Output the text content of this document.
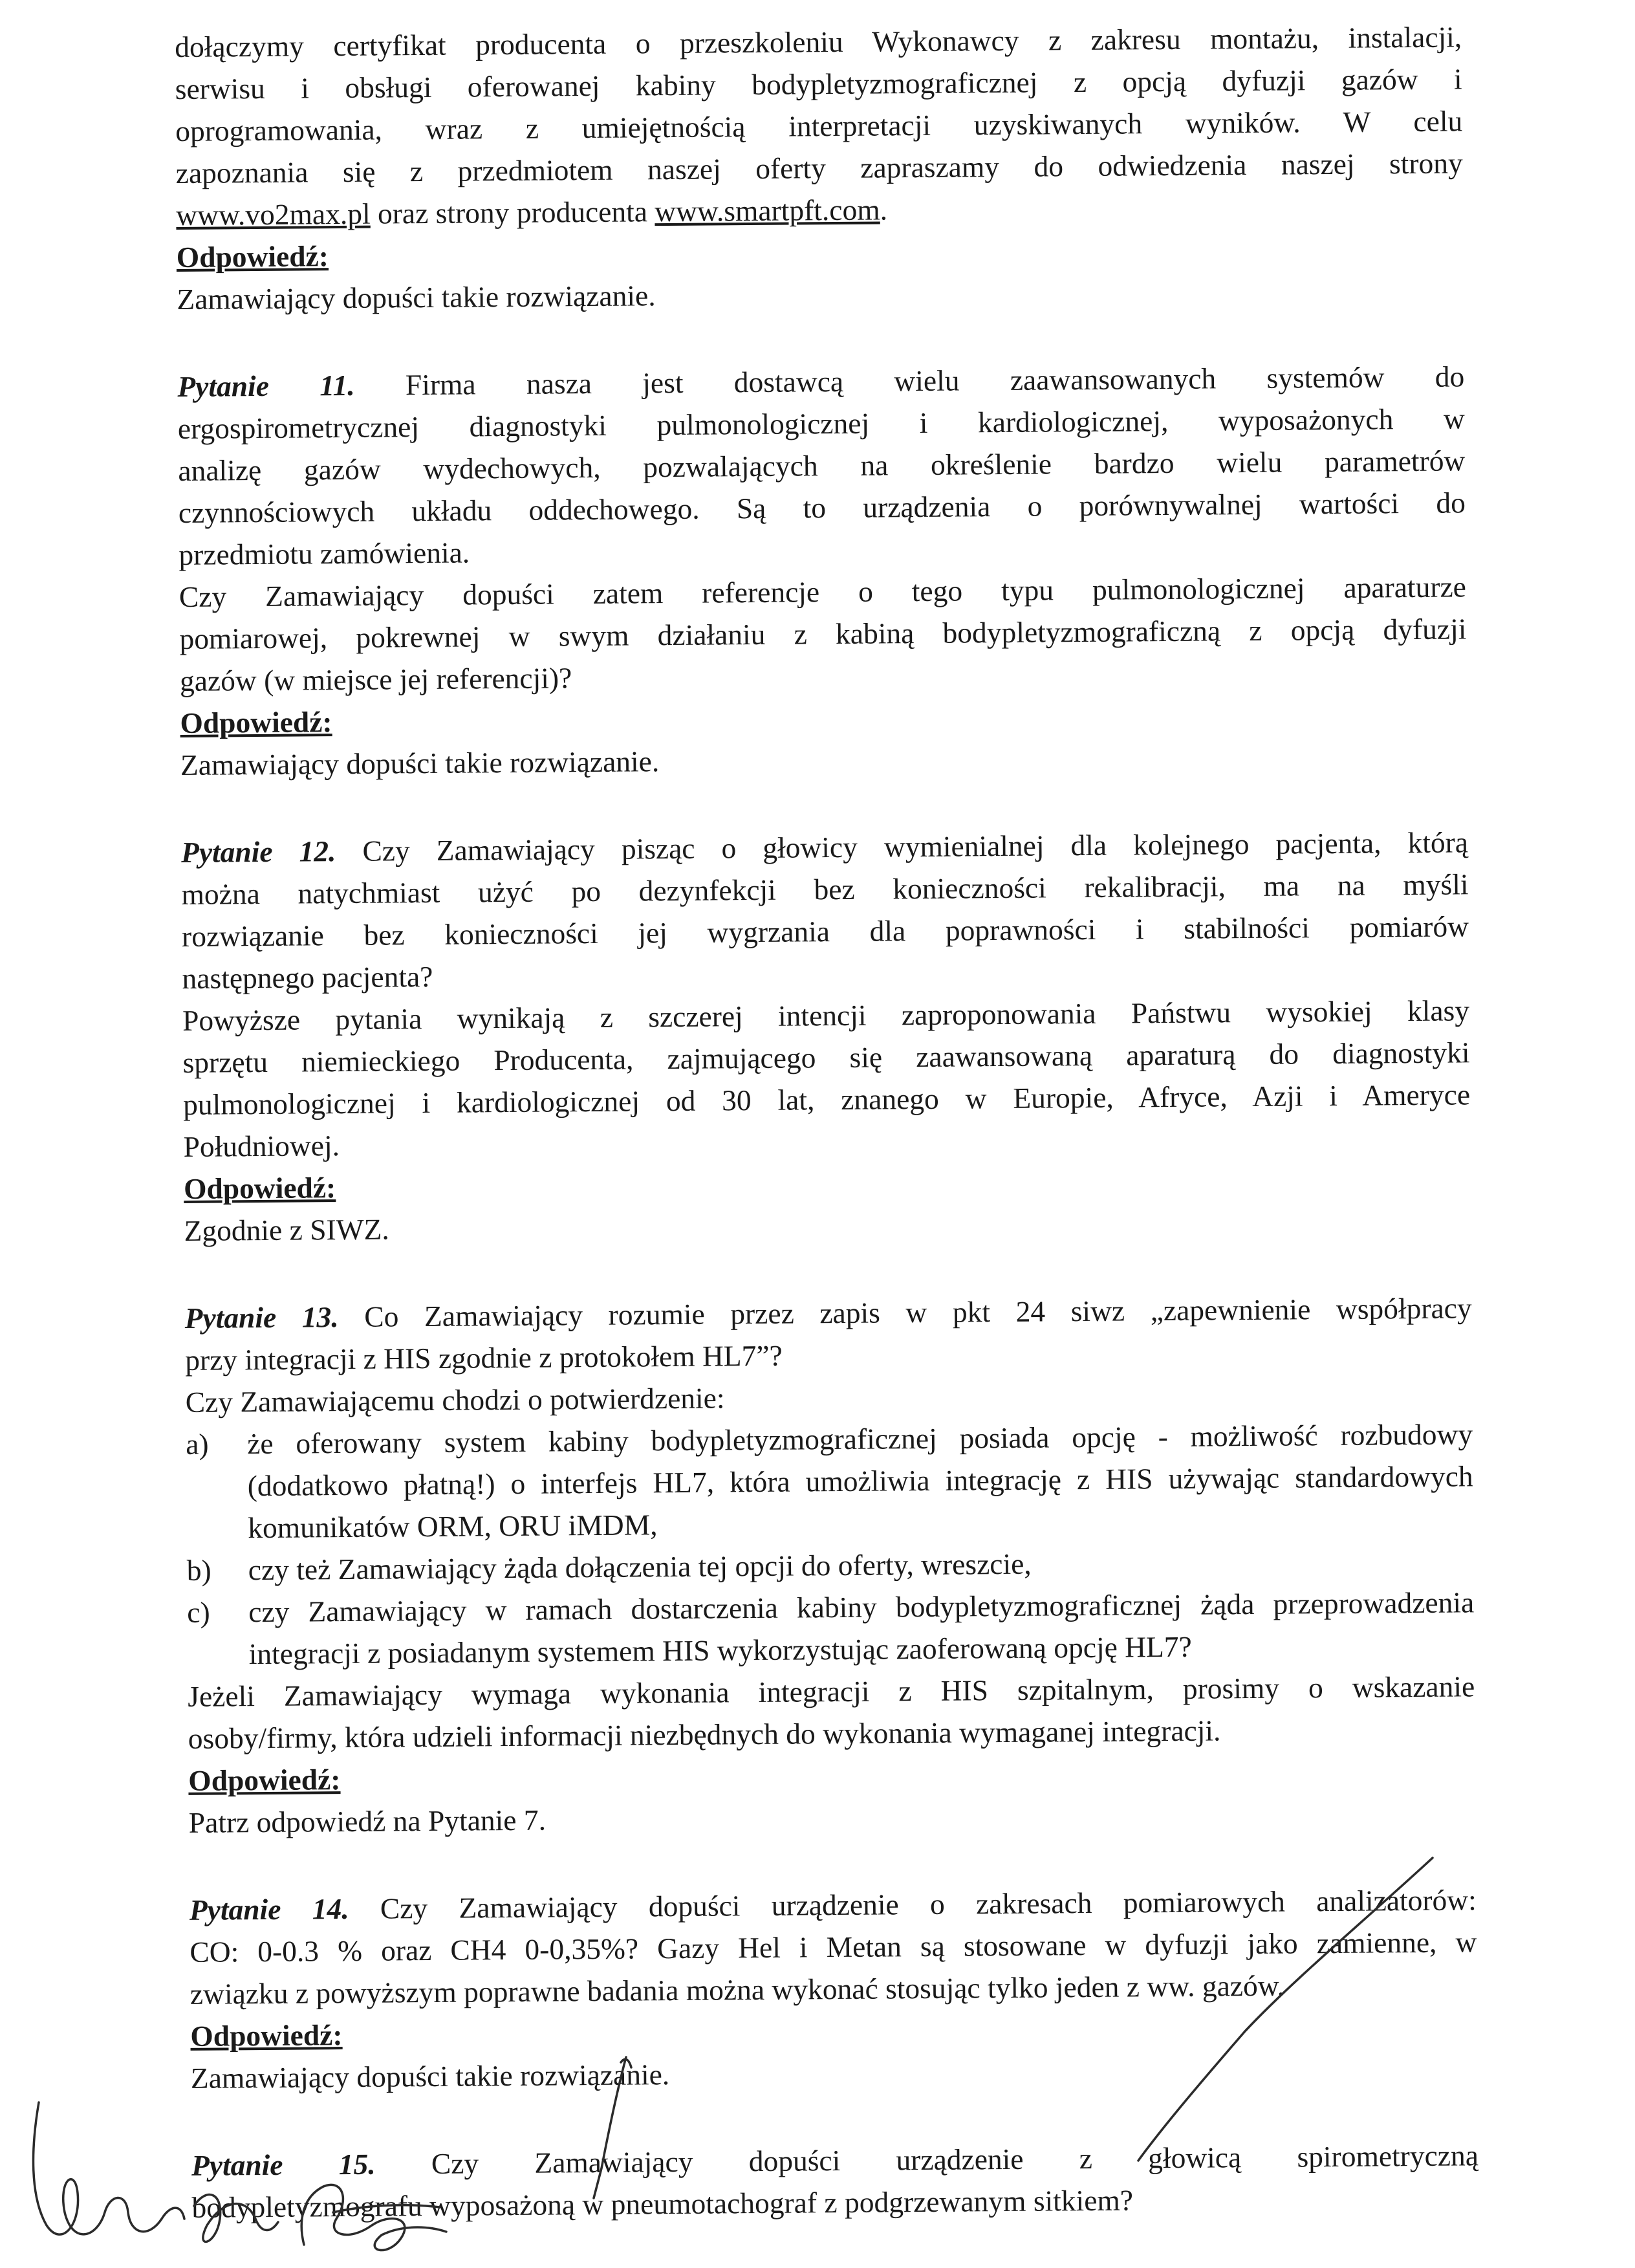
dołączymy certyfikat producenta o przeszkoleniu Wykonawcy z zakresu montażu, instalacji,

serwisu i obsługi oferowanej kabiny bodypletyzmograficznej z opcją dyfuzji gazów i

oprogramowania, wraz z umiejętnością interpretacji uzyskiwanych wyników. W celu

zapoznania się z przedmiotem naszej oferty zapraszamy do odwiedzenia naszej strony

www.vo2max.pl oraz strony producenta www.smartpft.com.

Odpowiedź:

Zamawiający dopuści takie rozwiązanie.

Pytanie 11. Firma nasza jest dostawcą wielu zaawansowanych systemów do

ergospirometrycznej diagnostyki pulmonologicznej i kardiologicznej, wyposażonych w

analizę gazów wydechowych, pozwalających na określenie bardzo wielu parametrów

czynnościowych układu oddechowego. Są to urządzenia o porównywalnej wartości do

przedmiotu zamówienia.

Czy Zamawiający dopuści zatem referencje o tego typu pulmonologicznej aparaturze

pomiarowej, pokrewnej w swym działaniu z kabiną bodypletyzmograficzną z opcją dyfuzji

gazów (w miejsce jej referencji)?

Odpowiedź:

Zamawiający dopuści takie rozwiązanie.

Pytanie 12. Czy Zamawiający pisząc o głowicy wymienialnej dla kolejnego pacjenta, którą

można natychmiast użyć po dezynfekcji bez konieczności rekalibracji, ma na myśli

rozwiązanie bez konieczności jej wygrzania dla poprawności i stabilności pomiarów

następnego pacjenta?

Powyższe pytania wynikają z szczerej intencji zaproponowania Państwu wysokiej klasy

sprzętu niemieckiego Producenta, zajmującego się zaawansowaną aparaturą do diagnostyki

pulmonologicznej i kardiologicznej od 30 lat, znanego w Europie, Afryce, Azji i Ameryce

Południowej.

Odpowiedź:

Zgodnie z SIWZ.

Pytanie 13. Co Zamawiający rozumie przez zapis w pkt 24 siwz „zapewnienie współpracy

przy integracji z HIS zgodnie z protokołem HL7”?

Czy Zamawiającemu chodzi o potwierdzenie:

a)	że oferowany system kabiny bodypletyzmograficznej posiada opcję - możliwość rozbudowy (dodatkowo płatną!) o interfejs HL7, która umożliwia integrację z HIS używając standardowych komunikatów ORM, ORU iMDM,
b)	czy też Zamawiający żąda dołączenia tej opcji do oferty, wreszcie,
c)	czy Zamawiający w ramach dostarczenia kabiny bodypletyzmograficznej żąda przeprowadzenia integracji z posiadanym systemem HIS wykorzystując zaoferowaną opcję HL7?

Jeżeli Zamawiający wymaga wykonania integracji z HIS szpitalnym, prosimy o wskazanie

osoby/firmy, która udzieli informacji niezbędnych do wykonania wymaganej integracji.

Odpowiedź:

Patrz odpowiedź na Pytanie 7.

Pytanie 14. Czy Zamawiający dopuści urządzenie o zakresach pomiarowych analizatorów:

CO: 0-0.3 % oraz CH4 0-0,35%? Gazy Hel i Metan są stosowane w dyfuzji jako zamienne, w

związku z powyższym poprawne badania można wykonać stosując tylko jeden z ww. gazów.

Odpowiedź:

Zamawiający dopuści takie rozwiązanie.

Pytanie 15. Czy Zamawiający dopuści urządzenie z głowicą spirometryczną

bodypletyzmografu wyposażoną w pneumotachograf z podgrzewanym sitkiem?
